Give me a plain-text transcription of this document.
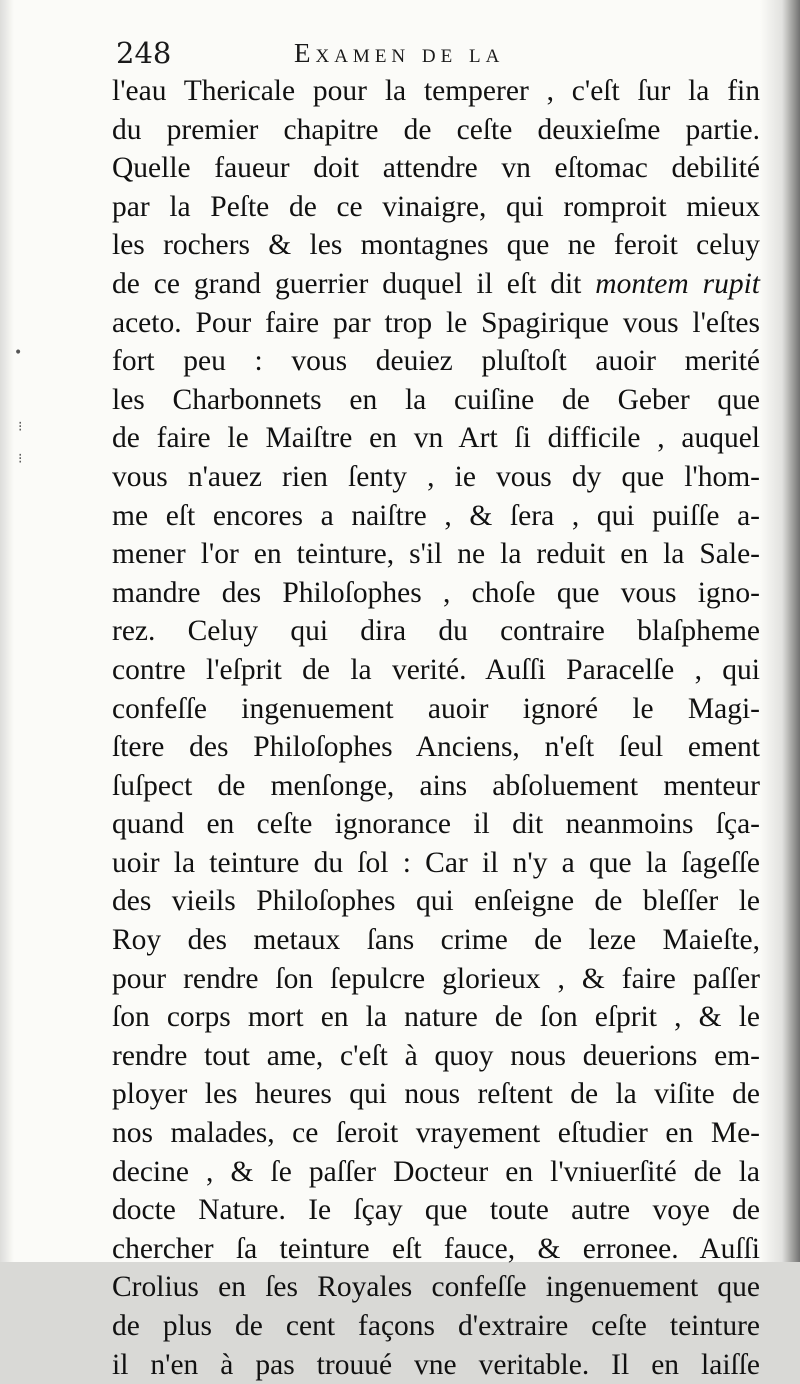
•
⁝
⁝
248	Examen de la
l'eau Thericale pour la temperer , c'eſt ſur la fin
du premier chapitre de ceſte deuxieſme partie.
Quelle faueur doit attendre vn eſtomac debilité
par la Peſte de ce vinaigre, qui romproit mieux
les rochers & les montagnes que ne feroit celuy
de ce grand guerrier duquel il eſt dit montem rupit
aceto. Pour faire par trop le Spagirique vous l'eſtes
fort peu : vous deuiez pluſtoſt auoir merité
les Charbonnets en la cuiſine de Geber que
de faire le Maiſtre en vn Art ſi difficile , auquel
vous n'auez rien ſenty , ie vous dy que l'hom-
me eſt encores a naiſtre , & ſera , qui puiſſe a-
mener l'or en teinture, s'il ne la reduit en la Sale-
mandre des Philoſophes , choſe que vous igno-
rez. Celuy qui dira du contraire blaſpheme
contre l'eſprit de la verité. Auſſi Paracelſe , qui
confeſſe ingenuement auoir ignoré le Magi-
ſtere des Philoſophes Anciens, n'eſt ſeul ement
ſuſpect de menſonge, ains abſoluement menteur
quand en ceſte ignorance il dit neanmoins ſça-
uoir la teinture du ſol : Car il n'y a que la ſageſſe
des vieils Philoſophes qui enſeigne de bleſſer le
Roy des metaux ſans crime de leze Maieſte,
pour rendre ſon ſepulcre glorieux , & faire paſſer
ſon corps mort en la nature de ſon eſprit , & le
rendre tout ame, c'eſt à quoy nous deuerions em-
ployer les heures qui nous reſtent de la viſite de
nos malades, ce ſeroit vrayement eſtudier en Me-
decine , & ſe paſſer Docteur en l'vniuerſité de la
docte Nature. Ie ſçay que toute autre voye de
chercher ſa teinture eſt fauce, & erronee. Auſſi
Crolius en ſes Royales confeſſe ingenuement que
de plus de cent façons d'extraire ceſte teinture
il n'en à pas trouué vne veritable. Il en laiſſe
